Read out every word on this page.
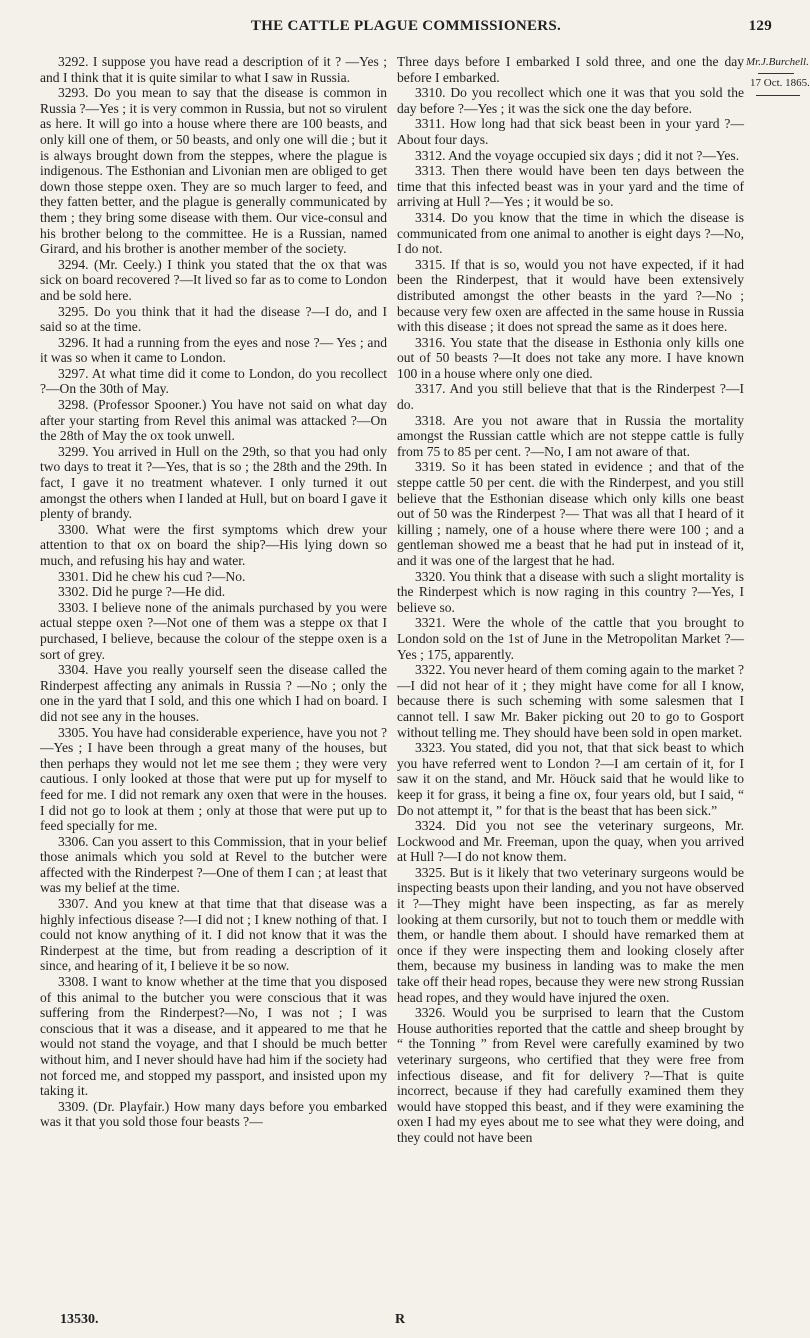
THE CATTLE PLAGUE COMMISSIONERS.	129

3292. I suppose you have read a description of it ? —Yes ; and I think that it is quite similar to what I saw in Russia.

3293. Do you mean to say that the disease is common in Russia ?—Yes ; it is very common in Russia, but not so virulent as here. It will go into a house where there are 100 beasts, and only kill one of them, or 50 beasts, and only one will die ; but it is always brought down from the steppes, where the plague is indigenous. The Esthonian and Livonian men are obliged to get down those steppe oxen. They are so much larger to feed, and they fatten better, and the plague is generally communicated by them ; they bring some disease with them. Our vice-consul and his brother belong to the committee. He is a Russian, named Girard, and his brother is another member of the society.

3294. (Mr. Ceely.) I think you stated that the ox that was sick on board recovered ?—It lived so far as to come to London and be sold here.

3295. Do you think that it had the disease ?—I do, and I said so at the time.

3296. It had a running from the eyes and nose ?— Yes ; and it was so when it came to London.

3297. At what time did it come to London, do you recollect ?—On the 30th of May.

3298. (Professor Spooner.) You have not said on what day after your starting from Revel this animal was attacked ?—On the 28th of May the ox took unwell.

3299. You arrived in Hull on the 29th, so that you had only two days to treat it ?—Yes, that is so ; the 28th and the 29th. In fact, I gave it no treatment whatever. I only turned it out amongst the others when I landed at Hull, but on board I gave it plenty of brandy.

3300. What were the first symptoms which drew your attention to that ox on board the ship?—His lying down so much, and refusing his hay and water.

3301. Did he chew his cud ?—No.

3302. Did he purge ?—He did.

3303. I believe none of the animals purchased by you were actual steppe oxen ?—Not one of them was a steppe ox that I purchased, I believe, because the colour of the steppe oxen is a sort of grey.

3304. Have you really yourself seen the disease called the Rinderpest affecting any animals in Russia ? —No ; only the one in the yard that I sold, and this one which I had on board. I did not see any in the houses.

3305. You have had considerable experience, have you not ?—Yes ; I have been through a great many of the houses, but then perhaps they would not let me see them ; they were very cautious. I only looked at those that were put up for myself to feed for me. I did not remark any oxen that were in the houses. I did not go to look at them ; only at those that were put up to feed specially for me.

3306. Can you assert to this Commission, that in your belief those animals which you sold at Revel to the butcher were affected with the Rinderpest ?—One of them I can ; at least that was my belief at the time.

3307. And you knew at that time that that disease was a highly infectious disease ?—I did not ; I knew nothing of that. I could not know anything of it. I did not know that it was the Rinderpest at the time, but from reading a description of it since, and hearing of it, I believe it be so now.

3308. I want to know whether at the time that you disposed of this animal to the butcher you were conscious that it was suffering from the Rinderpest?—No, I was not ; I was conscious that it was a disease, and it appeared to me that he would not stand the voyage, and that I should be much better without him, and I never should have had him if the society had not forced me, and stopped my passport, and insisted upon my taking it.

3309. (Dr. Playfair.) How many days before you embarked was it that you sold those four beasts ?—

Three days before I embarked I sold three, and one the day before I embarked.

3310. Do you recollect which one it was that you sold the day before ?—Yes ; it was the sick one the day before.

3311. How long had that sick beast been in your yard ?—About four days.

3312. And the voyage occupied six days ; did it not ?—Yes.

3313. Then there would have been ten days between the time that this infected beast was in your yard and the time of arriving at Hull ?—Yes ; it would be so.

3314. Do you know that the time in which the disease is communicated from one animal to another is eight days ?—No, I do not.

3315. If that is so, would you not have expected, if it had been the Rinderpest, that it would have been extensively distributed amongst the other beasts in the yard ?—No ; because very few oxen are affected in the same house in Russia with this disease ; it does not spread the same as it does here.

3316. You state that the disease in Esthonia only kills one out of 50 beasts ?—It does not take any more. I have known 100 in a house where only one died.

3317. And you still believe that that is the Rinderpest ?—I do.

3318. Are you not aware that in Russia the mortality amongst the Russian cattle which are not steppe cattle is fully from 75 to 85 per cent. ?—No, I am not aware of that.

3319. So it has been stated in evidence ; and that of the steppe cattle 50 per cent. die with the Rinderpest, and you still believe that the Esthonian disease which only kills one beast out of 50 was the Rinderpest ?— That was all that I heard of it killing ; namely, one of a house where there were 100 ; and a gentleman showed me a beast that he had put in instead of it, and it was one of the largest that he had.

3320. You think that a disease with such a slight mortality is the Rinderpest which is now raging in this country ?—Yes, I believe so.

3321. Were the whole of the cattle that you brought to London sold on the 1st of June in the Metropolitan Market ?—Yes ; 175, apparently.

3322. You never heard of them coming again to the market ?—I did not hear of it ; they might have come for all I know, because there is such scheming with some salesmen that I cannot tell. I saw Mr. Baker picking out 20 to go to Gosport without telling me. They should have been sold in open market.

3323. You stated, did you not, that that sick beast to which you have referred went to London ?—I am certain of it, for I saw it on the stand, and Mr. Höuck said that he would like to keep it for grass, it being a fine ox, four years old, but I said, “ Do not attempt it, ” for that is the beast that has been sick.”

3324. Did you not see the veterinary surgeons, Mr. Lockwood and Mr. Freeman, upon the quay, when you arrived at Hull ?—I do not know them.

3325. But is it likely that two veterinary surgeons would be inspecting beasts upon their landing, and you not have observed it ?—They might have been inspecting, as far as merely looking at them cursorily, but not to touch them or meddle with them, or handle them about. I should have remarked them at once if they were inspecting them and looking closely after them, because my business in landing was to make the men take off their head ropes, because they were new strong Russian head ropes, and they would have injured the oxen.

3326. Would you be surprised to learn that the Custom House authorities reported that the cattle and sheep brought by “ the Tonning ” from Revel were carefully examined by two veterinary surgeons, who certified that they were free from infectious disease, and fit for delivery ?—That is quite incorrect, because if they had carefully examined them they would have stopped this beast, and if they were examining the oxen I had my eyes about me to see what they were doing, and they could not have been

Mr.J.Burchell.
17 Oct. 1865.
13530.	R
